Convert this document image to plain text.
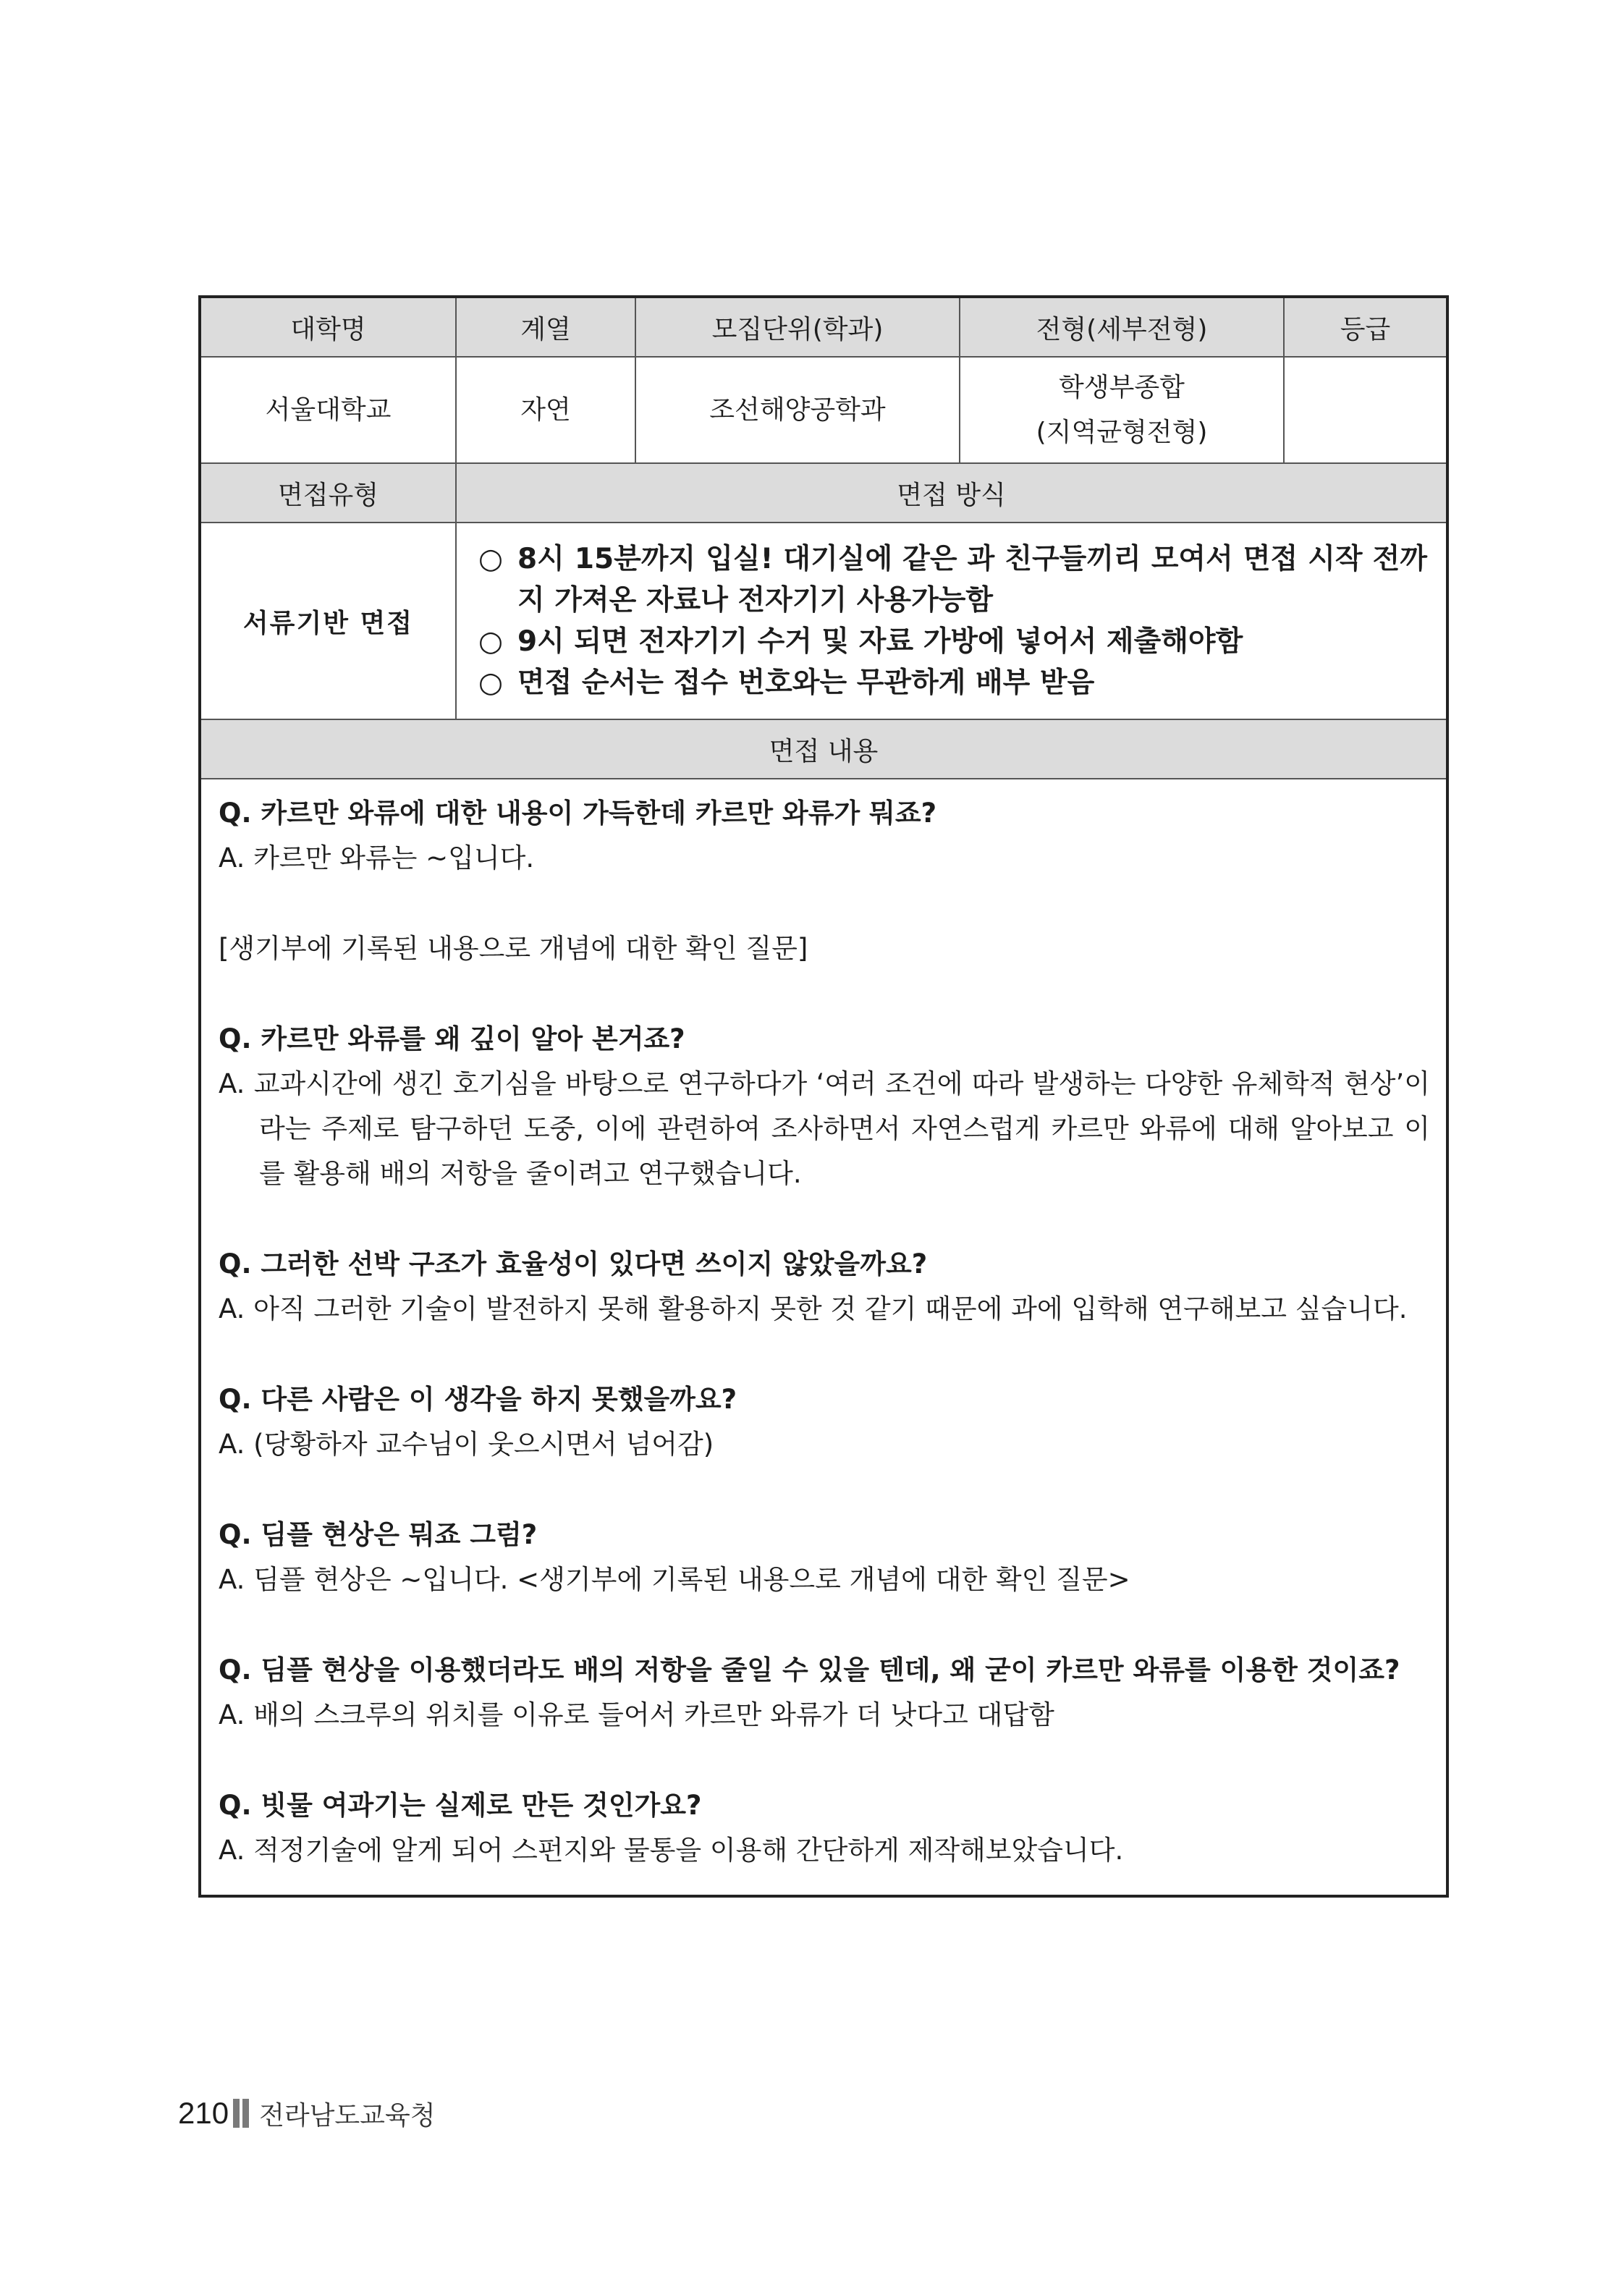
대학명	계열	모집단위(학과)	전형(세부전형)	등급
서울대학교	자연	조선해양공학과	학생부종합
(지역균형전형)	

면접유형	면접 방식			
서류기반 면접	○ 8시 15분까지 입실! 대기실에 같은 과 친구들끼리 모여서 면접 시작 전까지 가져온 자료나 전자기기 사용가능함
○ 9시 되면 전자기기 수거 및 자료 가방에 넣어서 제출해야함
○ 면접 순서는 접수 번호와는 무관하게 배부 받음			

면접 내용				
Q. 카르만 와류에 대한 내용이 가득한데 카르만 와류가 뭐죠?
A. 카르만 와류는 ~입니다.
[생기부에 기록된 내용으로 개념에 대한 확인 질문]
Q. 카르만 와류를 왜 깊이 알아 본거죠?
A. 교과시간에 생긴 호기심을 바탕으로 연구하다가 ‘여러 조건에 따라 발생하는 다양한 유체학적 현상’이라는 주제로 탐구하던 도중, 이에 관련하여 조사하면서 자연스럽게 카르만 와류에 대해 알아보고 이를 활용해 배의 저항을 줄이려고 연구했습니다.
Q. 그러한 선박 구조가 효율성이 있다면 쓰이지 않았을까요?
A. 아직 그러한 기술이 발전하지 못해 활용하지 못한 것 같기 때문에 과에 입학해 연구해보고 싶습니다.
Q. 다른 사람은 이 생각을 하지 못했을까요?
A. (당황하자 교수님이 웃으시면서 넘어감)
Q. 딤플 현상은 뭐죠 그럼?
A. 딤플 현상은 ~입니다. <생기부에 기록된 내용으로 개념에 대한 확인 질문>
Q. 딤플 현상을 이용했더라도 배의 저항을 줄일 수 있을 텐데, 왜 굳이 카르만 와류를 이용한 것이죠?
A. 배의 스크루의 위치를 이유로 들어서 카르만 와류가 더 낫다고 대답함
Q. 빗물 여과기는 실제로 만든 것인가요?
A. 적정기술에 알게 되어 스펀지와 물통을 이용해 간단하게 제작해보았습니다.
210 전라남도교육청
